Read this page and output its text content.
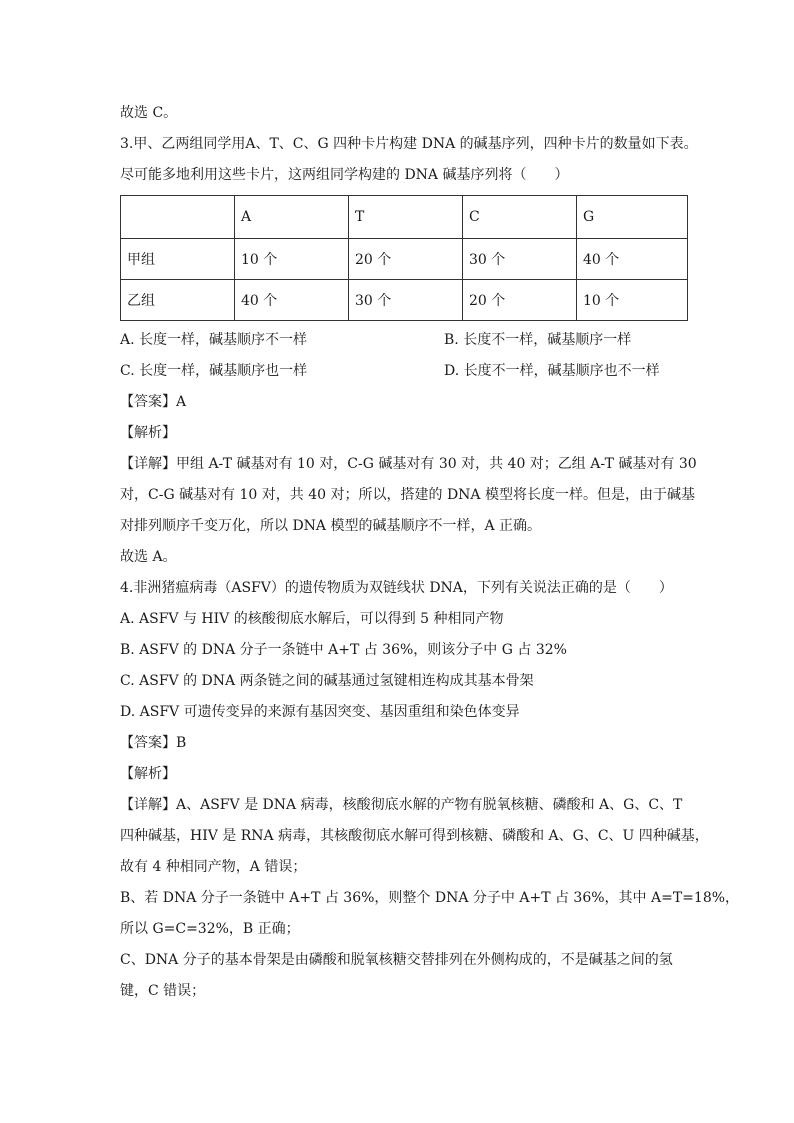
故选 C。
3.甲、乙两组同学用A、T、C、G 四种卡片构建 DNA 的碱基序列，四种卡片的数量如下表。
尽可能多地利用这些卡片，这两组同学构建的 DNA 碱基序列将（　　）
	A	T	C	G
甲组	10 个	20 个	30 个	40 个
乙组	40 个	30 个	20 个	10 个
A. 长度一样，碱基顺序不一样	B. 长度不一样，碱基顺序一样
C. 长度一样，碱基顺序也一样	D. 长度不一样，碱基顺序也不一样
【答案】A
【解析】
【详解】甲组 A-T 碱基对有 10 对，C-G 碱基对有 30 对，共 40 对；乙组 A-T 碱基对有 30
对，C-G 碱基对有 10 对，共 40 对；所以，搭建的 DNA 模型将长度一样。但是，由于碱基
对排列顺序千变万化，所以 DNA 模型的碱基顺序不一样，A 正确。
故选 A。
4.非洲猪瘟病毒（ASFV）的遗传物质为双链线状 DNA，下列有关说法正确的是（　　）
A. ASFV 与 HIV 的核酸彻底水解后，可以得到 5 种相同产物
B. ASFV 的 DNA 分子一条链中 A+T 占 36%，则该分子中 G 占 32%
C. ASFV 的 DNA 两条链之间的碱基通过氢键相连构成其基本骨架
D. ASFV 可遗传变异的来源有基因突变、基因重组和染色体变异
【答案】B
【解析】
【详解】A、ASFV 是 DNA 病毒，核酸彻底水解的产物有脱氧核糖、磷酸和 A、G、C、T
四种碱基，HIV 是 RNA 病毒，其核酸彻底水解可得到核糖、磷酸和 A、G、C、U 四种碱基，
故有 4 种相同产物，A 错误；
B、若 DNA 分子一条链中 A+T 占 36%，则整个 DNA 分子中 A+T 占 36%，其中 A=T=18%，
所以 G=C=32%，B 正确；
C、DNA 分子的基本骨架是由磷酸和脱氧核糖交替排列在外侧构成的，不是碱基之间的氢
键，C 错误；
